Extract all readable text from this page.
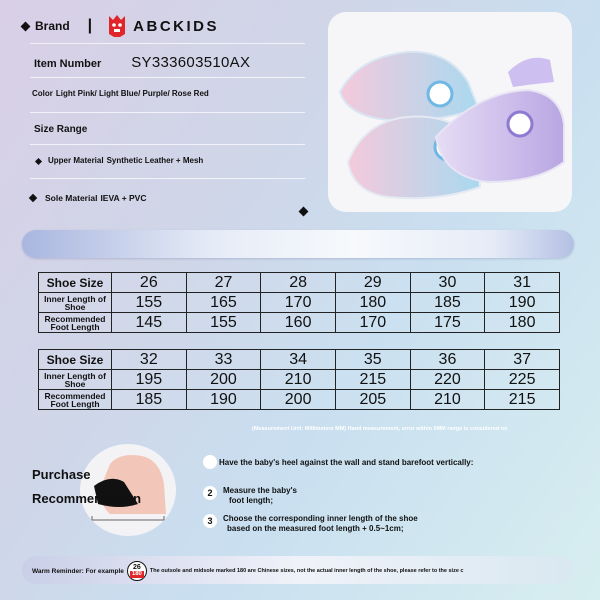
Brand |	ABCKIDS
Item Number SY333603510AX
Color Light Pink/ Light Blue/ Purple/ Rose Red
Size Range
Upper Material Synthetic Leather + Mesh
Sole Material IEVA + PVC
Shoe Size	26	27	28	29	30	31
Inner Length of Shoe	155	165	170	180	185	190
Recommended Foot Length	145	155	160	170	175	180
Shoe Size	32	33	34	35	36	37
Inner Length of Shoe	195	200	210	215	220	225
Recommended Foot Length	185	190	200	205	210	215
(Measurement Unit: Millimeters MM) Hand measurement, error within 5MM range is considered no
Purchase
Recommendation
1 Have the baby's heel against the wall and stand barefoot vertically:
2	Measure the baby's
foot length;
3	Choose the corresponding inner length of the shoe
based on the measured foot length + 0.5~1cm;
Warm Reminder: For example 26
180	The outsole and midsole marked 180 are Chinese sizes, not the actual inner length of the shoe, please refer to the size c
